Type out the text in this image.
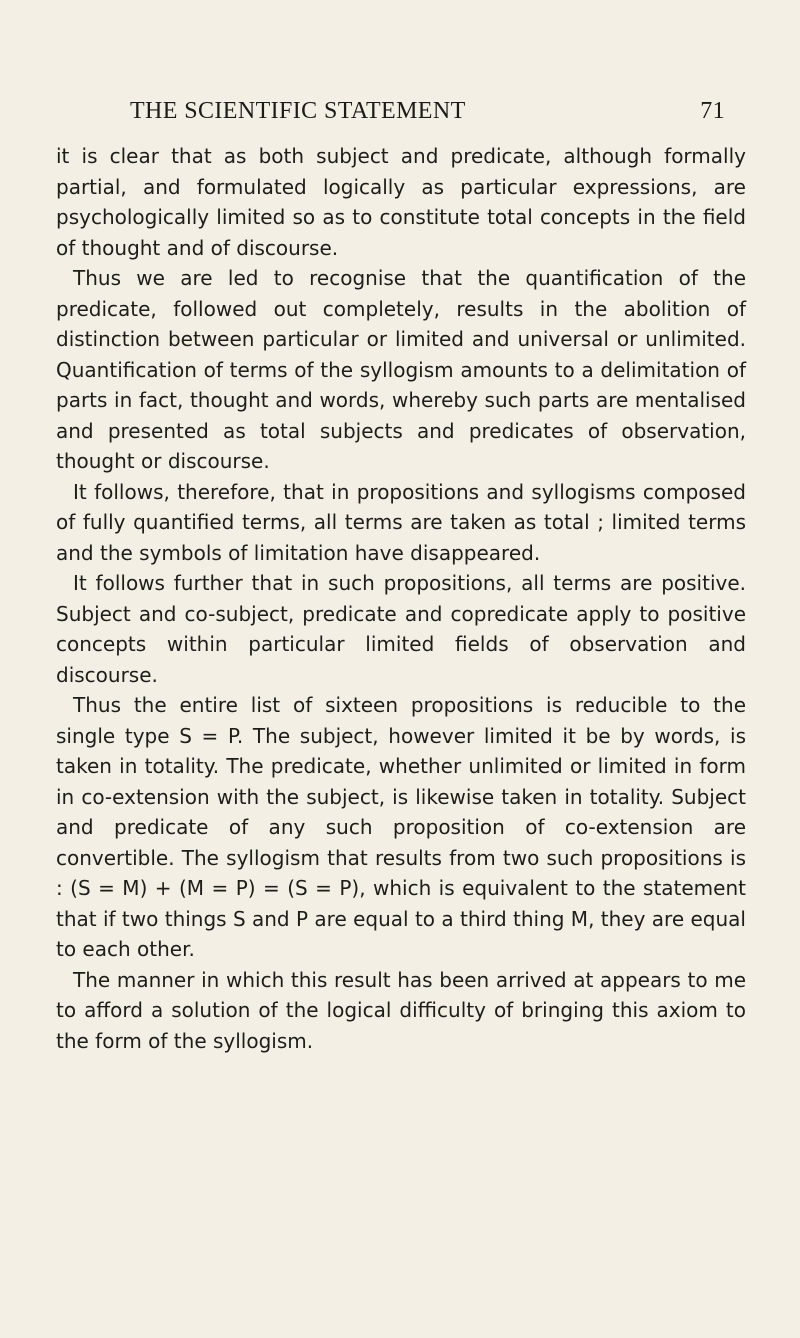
THE SCIENTIFIC STATEMENT	71

it is clear that as both subject and predicate, although formally partial, and formulated logically as particular expressions, are psychologically limited so as to constitute total concepts in the field of thought and of discourse.

Thus we are led to recognise that the quantification of the predicate, followed out completely, results in the abolition of distinction between particular or limited and universal or unlimited. Quantification of terms of the syllogism amounts to a delimitation of parts in fact, thought and words, whereby such parts are mentalised and presented as total subjects and predicates of observation, thought or discourse.

It follows, therefore, that in propositions and syllogisms composed of fully quantified terms, all terms are taken as total ; limited terms and the symbols of limitation have disappeared.

It follows further that in such propositions, all terms are positive. Subject and co-subject, predicate and copredicate apply to positive concepts within particular limited fields of observation and discourse.

Thus the entire list of sixteen propositions is reducible to the single type S = P. The subject, however limited it be by words, is taken in totality. The predicate, whether unlimited or limited in form in co-extension with the subject, is likewise taken in totality. Subject and predicate of any such proposition of co-extension are convertible. The syllogism that results from two such propositions is : (S = M) + (M = P) = (S = P), which is equivalent to the statement that if two things S and P are equal to a third thing M, they are equal to each other.

The manner in which this result has been arrived at appears to me to afford a solution of the logical difficulty of bringing this axiom to the form of the syllogism.
